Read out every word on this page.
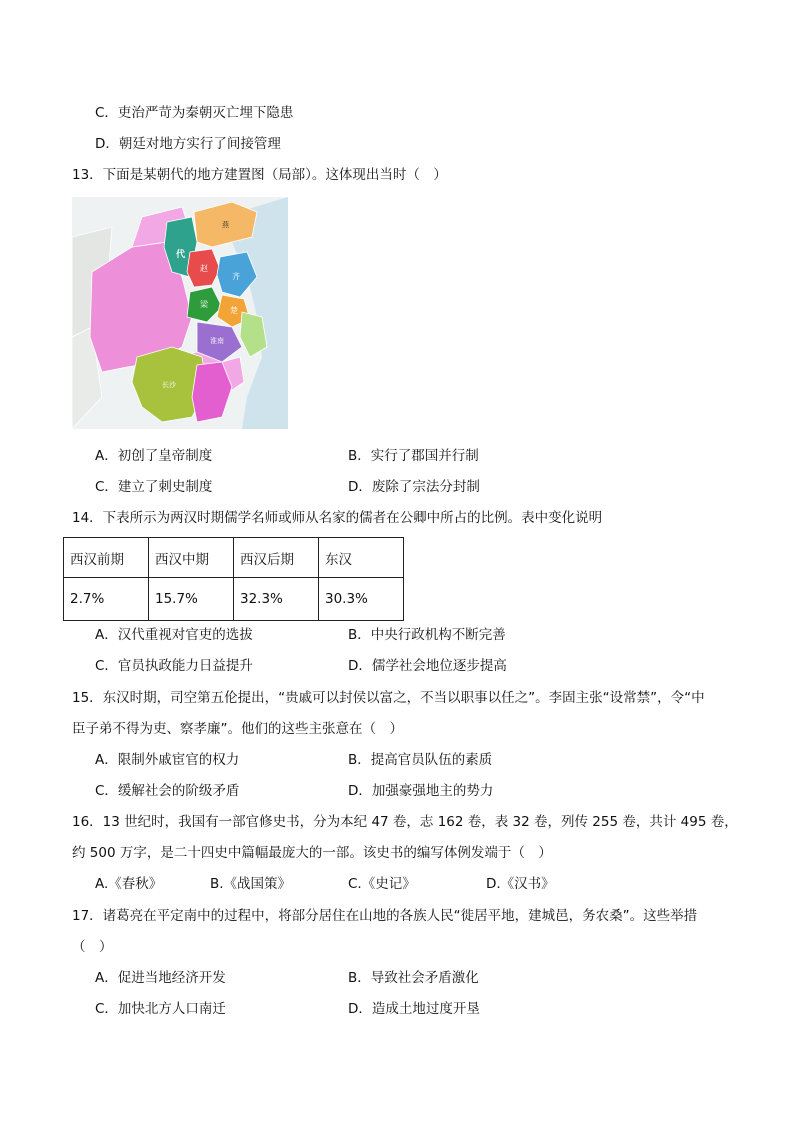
C．吏治严苛为秦朝灭亡埋下隐患
D．朝廷对地方实行了间接管理
13．下面是某朝代的地方建置图（局部）。这体现出当时（　）
代
赵
齐
梁
楚
淮南
长沙
燕
A．初创了皇帝制度	B．实行了郡国并行制
C．建立了刺史制度	D．废除了宗法分封制
14．下表所示为两汉时期儒学名师或师从名家的儒者在公卿中所占的比例。表中变化说明
西汉前期	西汉中期	西汉后期	东汉
2.7%	15.7%	32.3%	30.3%
A．汉代重视对官吏的选拔	B．中央行政机构不断完善
C．官员执政能力日益提升	D．儒学社会地位逐步提高
15．东汉时期，司空第五伦提出，“贵戚可以封侯以富之，不当以职事以任之”。李固主张“设常禁”，令“中
臣子弟不得为吏、察孝廉”。他们的这些主张意在（　）
A．限制外戚宦官的权力	B．提高官员队伍的素质
C．缓解社会的阶级矛盾	D．加强豪强地主的势力
16．13 世纪时，我国有一部官修史书，分为本纪 47 卷，志 162 卷，表 32 卷，列传 255 卷，共计 495 卷，
约 500 万字，是二十四史中篇幅最庞大的一部。该史书的编写体例发端于（　）
A.《春秋》	B.《战国策》	C.《史记》	D.《汉书》
17．诸葛亮在平定南中的过程中，将部分居住在山地的各族人民“徙居平地，建城邑，务农桑”。这些举措
（　）
A．促进当地经济开发	B．导致社会矛盾激化
C．加快北方人口南迁	D．造成土地过度开垦
